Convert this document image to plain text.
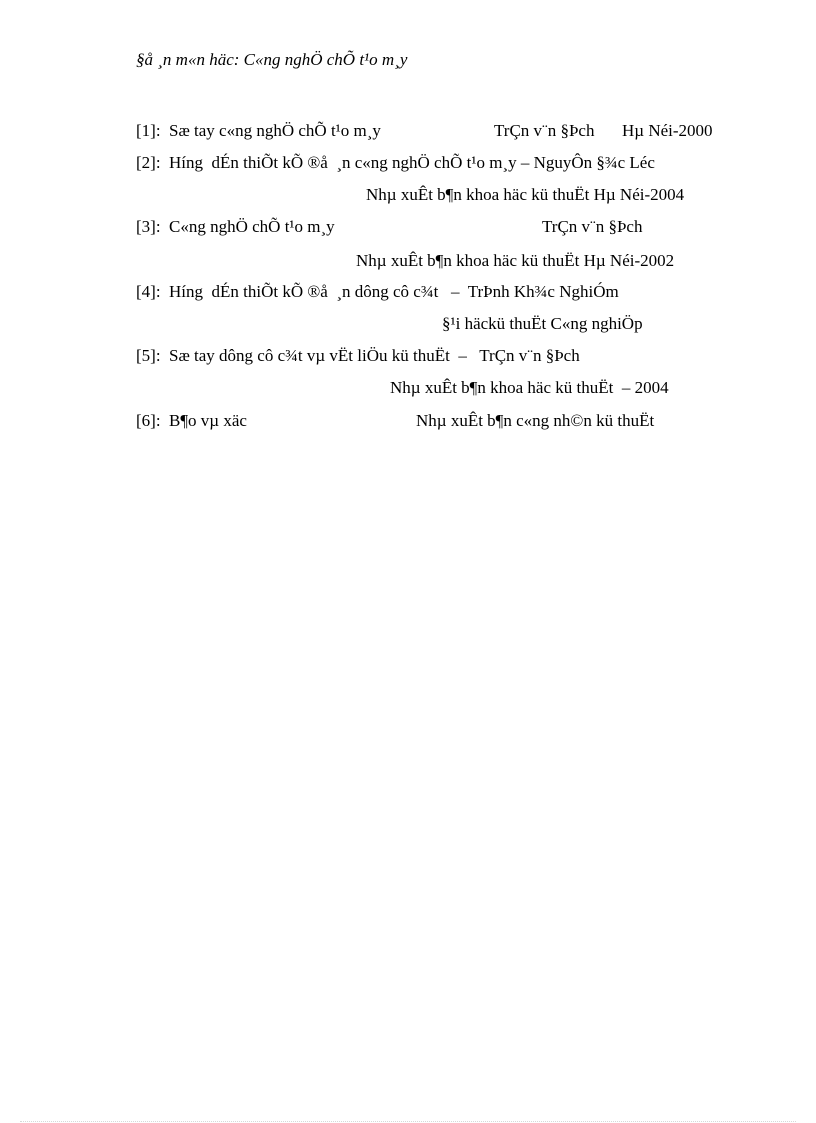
§å ¸n m«n häc: C«ng nghÖ chÕ t¹o m¸y
[1]: Sæ tay c«ng nghÖ chÕ t¹o m¸y	TrÇn v¨n §Þch Hµ Néi-2000
[2]: Híng  dÉn thiÕt kÕ ®å  ¸n c«ng nghÖ chÕ t¹o m¸y – NguyÔn §¾c Léc
Nhµ xuÊt b¶n khoa häc kü thuËt Hµ Néi-2004
[3]: C«ng nghÖ chÕ t¹o m¸y	TrÇn v¨n §Þch
Nhµ xuÊt b¶n khoa häc kü thuËt Hµ Néi-2002
[4]: Híng  dÉn thiÕt kÕ ®å  ¸n dông cô c¾t   –  TrÞnh Kh¾c NghiÓm
§¹i häckü thuËt C«ng nghiÖp
[5]: Sæ tay dông cô c¾t vµ vËt liÖu kü thuËt  –   TrÇn v¨n §Þch
Nhµ xuÊt b¶n khoa häc kü thuËt  – 2004
[6]: B¶o vµ xäc	Nhµ xuÊt b¶n c«ng nh©n kü thuËt
